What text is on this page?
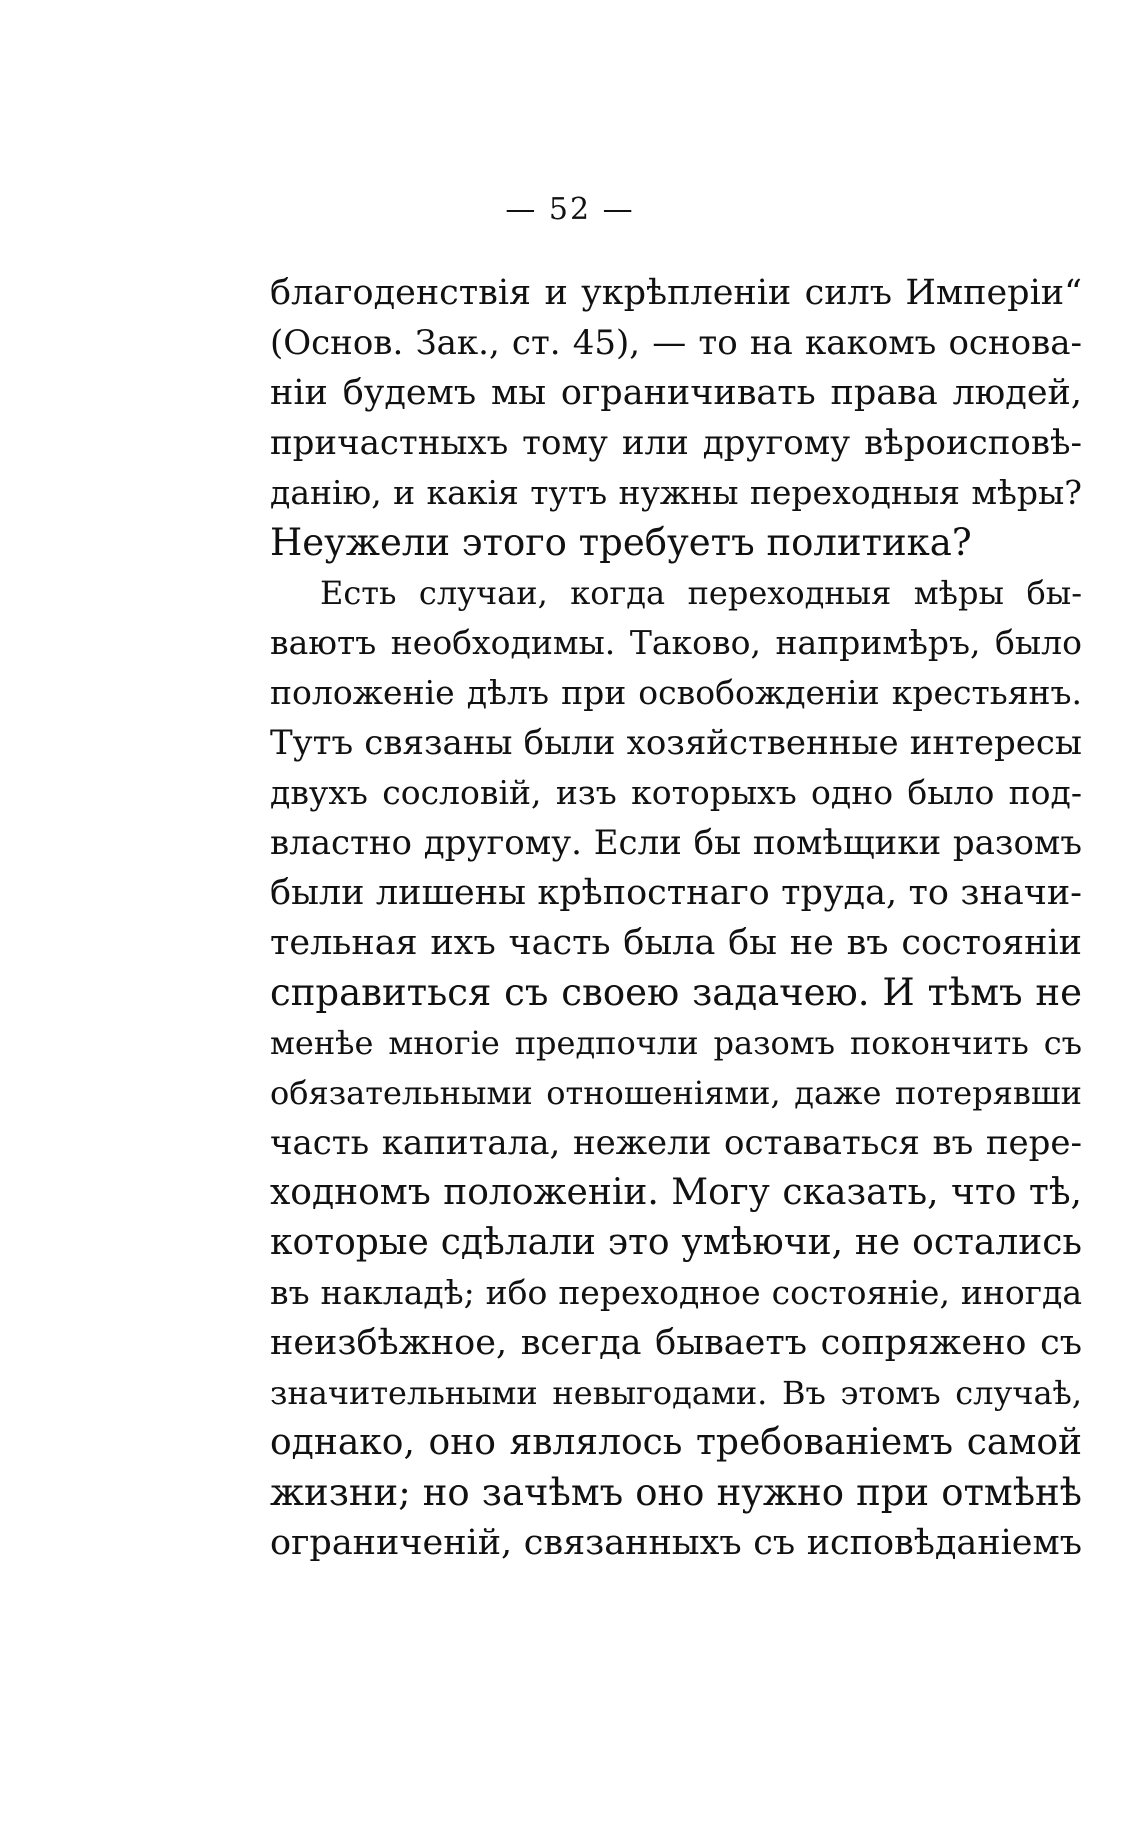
— 52 —
благоденствія и укрѣпленіи силъ Имперіи“
(Основ. Зак., ст. 45), — то на какомъ основа-
ніи будемъ мы ограничивать права людей,
причастныхъ тому или другому вѣроисповѣ-
данію, и какія тутъ нужны переходныя мѣры?
Неужели этого требуетъ политика?
Есть случаи, когда переходныя мѣры бы-
ваютъ необходимы. Таково, напримѣръ, было
положеніе дѣлъ при освобожденіи крестьянъ.
Тутъ связаны были хозяйственные интересы
двухъ сословій, изъ которыхъ одно было под-
властно другому. Если бы помѣщики разомъ
были лишены крѣпостнаго труда, то значи-
тельная ихъ часть была бы не въ состояніи
справиться съ своею задачею. И тѣмъ не
менѣе многіе предпочли разомъ покончить съ
обязательными отношеніями, даже потерявши
часть капитала, нежели оставаться въ пере-
ходномъ положеніи. Могу сказать, что тѣ,
которые сдѣлали это умѣючи, не остались
въ накладѣ; ибо переходное состояніе, иногда
неизбѣжное, всегда бываетъ сопряжено съ
значительными невыгодами. Въ этомъ случаѣ,
однако, оно являлось требованіемъ самой
жизни; но зачѣмъ оно нужно при отмѣнѣ
ограниченій, связанныхъ съ исповѣданіемъ
